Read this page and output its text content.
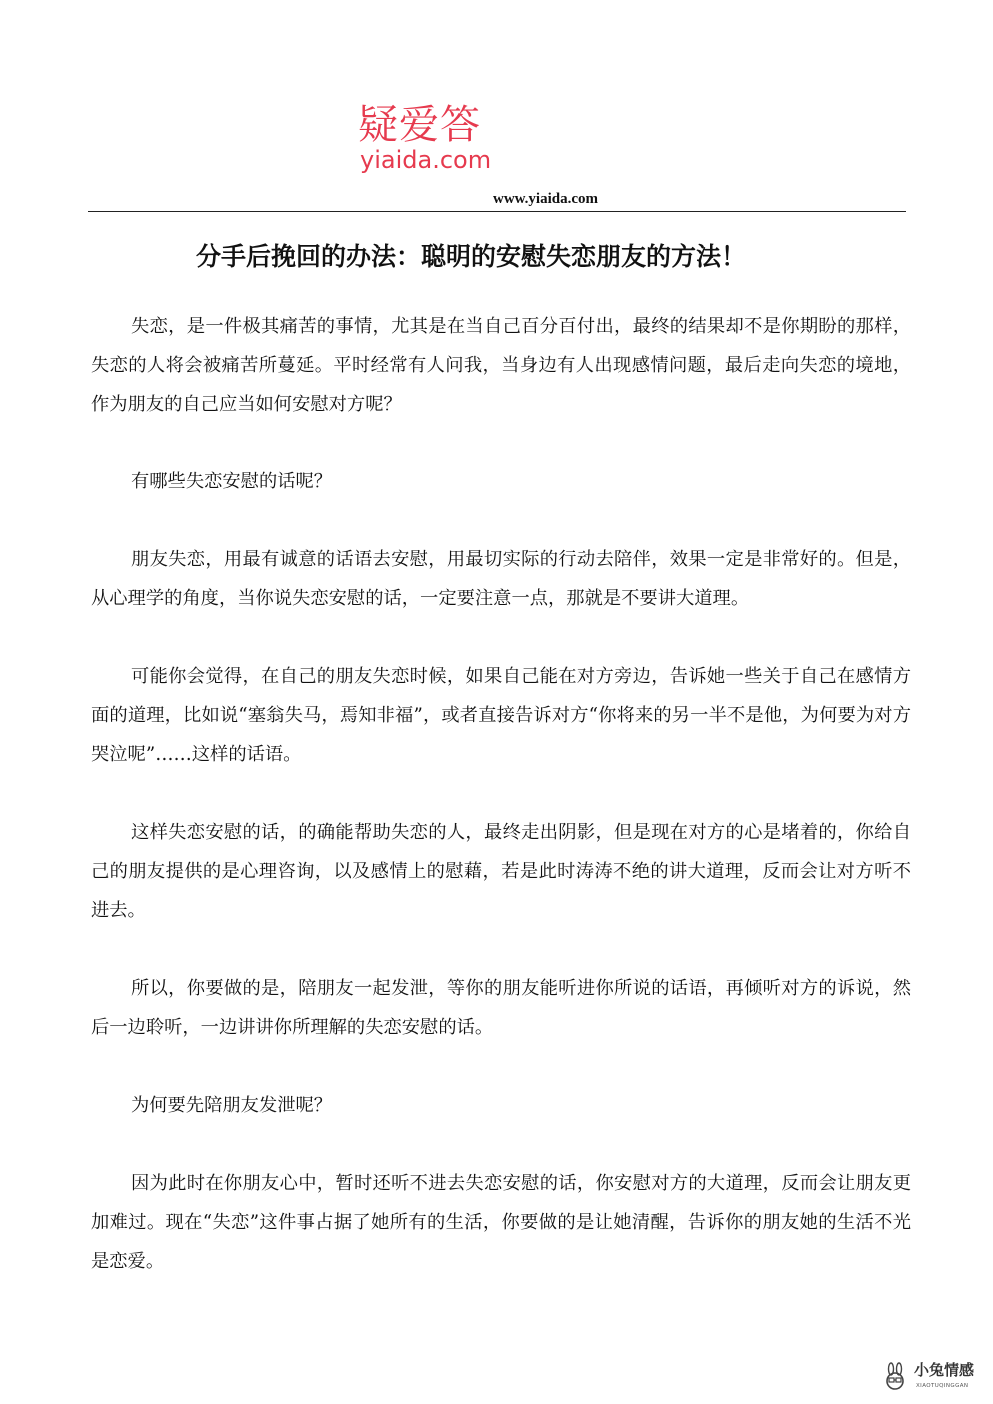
疑爱答
yiaida.com
www.yiaida.com
分手后挽回的办法：聪明的安慰失恋朋友的方法！

失恋，是一件极其痛苦的事情，尤其是在当自己百分百付出，最终的结果却不是你期盼的那样，失恋的人将会被痛苦所蔓延。平时经常有人问我，当身边有人出现感情问题，最后走向失恋的境地，作为朋友的自己应当如何安慰对方呢？

有哪些失恋安慰的话呢？

朋友失恋，用最有诚意的话语去安慰，用最切实际的行动去陪伴，效果一定是非常好的。但是，从心理学的角度，当你说失恋安慰的话，一定要注意一点，那就是不要讲大道理。

可能你会觉得，在自己的朋友失恋时候，如果自己能在对方旁边，告诉她一些关于自己在感情方面的道理，比如说“塞翁失马，焉知非福”，或者直接告诉对方“你将来的另一半不是他，为何要为对方哭泣呢”……这样的话语。

这样失恋安慰的话，的确能帮助失恋的人，最终走出阴影，但是现在对方的心是堵着的，你给自己的朋友提供的是心理咨询，以及感情上的慰藉，若是此时涛涛不绝的讲大道理，反而会让对方听不进去。

所以，你要做的是，陪朋友一起发泄，等你的朋友能听进你所说的话语，再倾听对方的诉说，然后一边聆听，一边讲讲你所理解的失恋安慰的话。

为何要先陪朋友发泄呢？

因为此时在你朋友心中，暂时还听不进去失恋安慰的话，你安慰对方的大道理，反而会让朋友更加难过。现在“失恋”这件事占据了她所有的生活，你要做的是让她清醒，告诉你的朋友她的生活不光是恋爱。

小兔情感
XIAOTUQINGGAN
